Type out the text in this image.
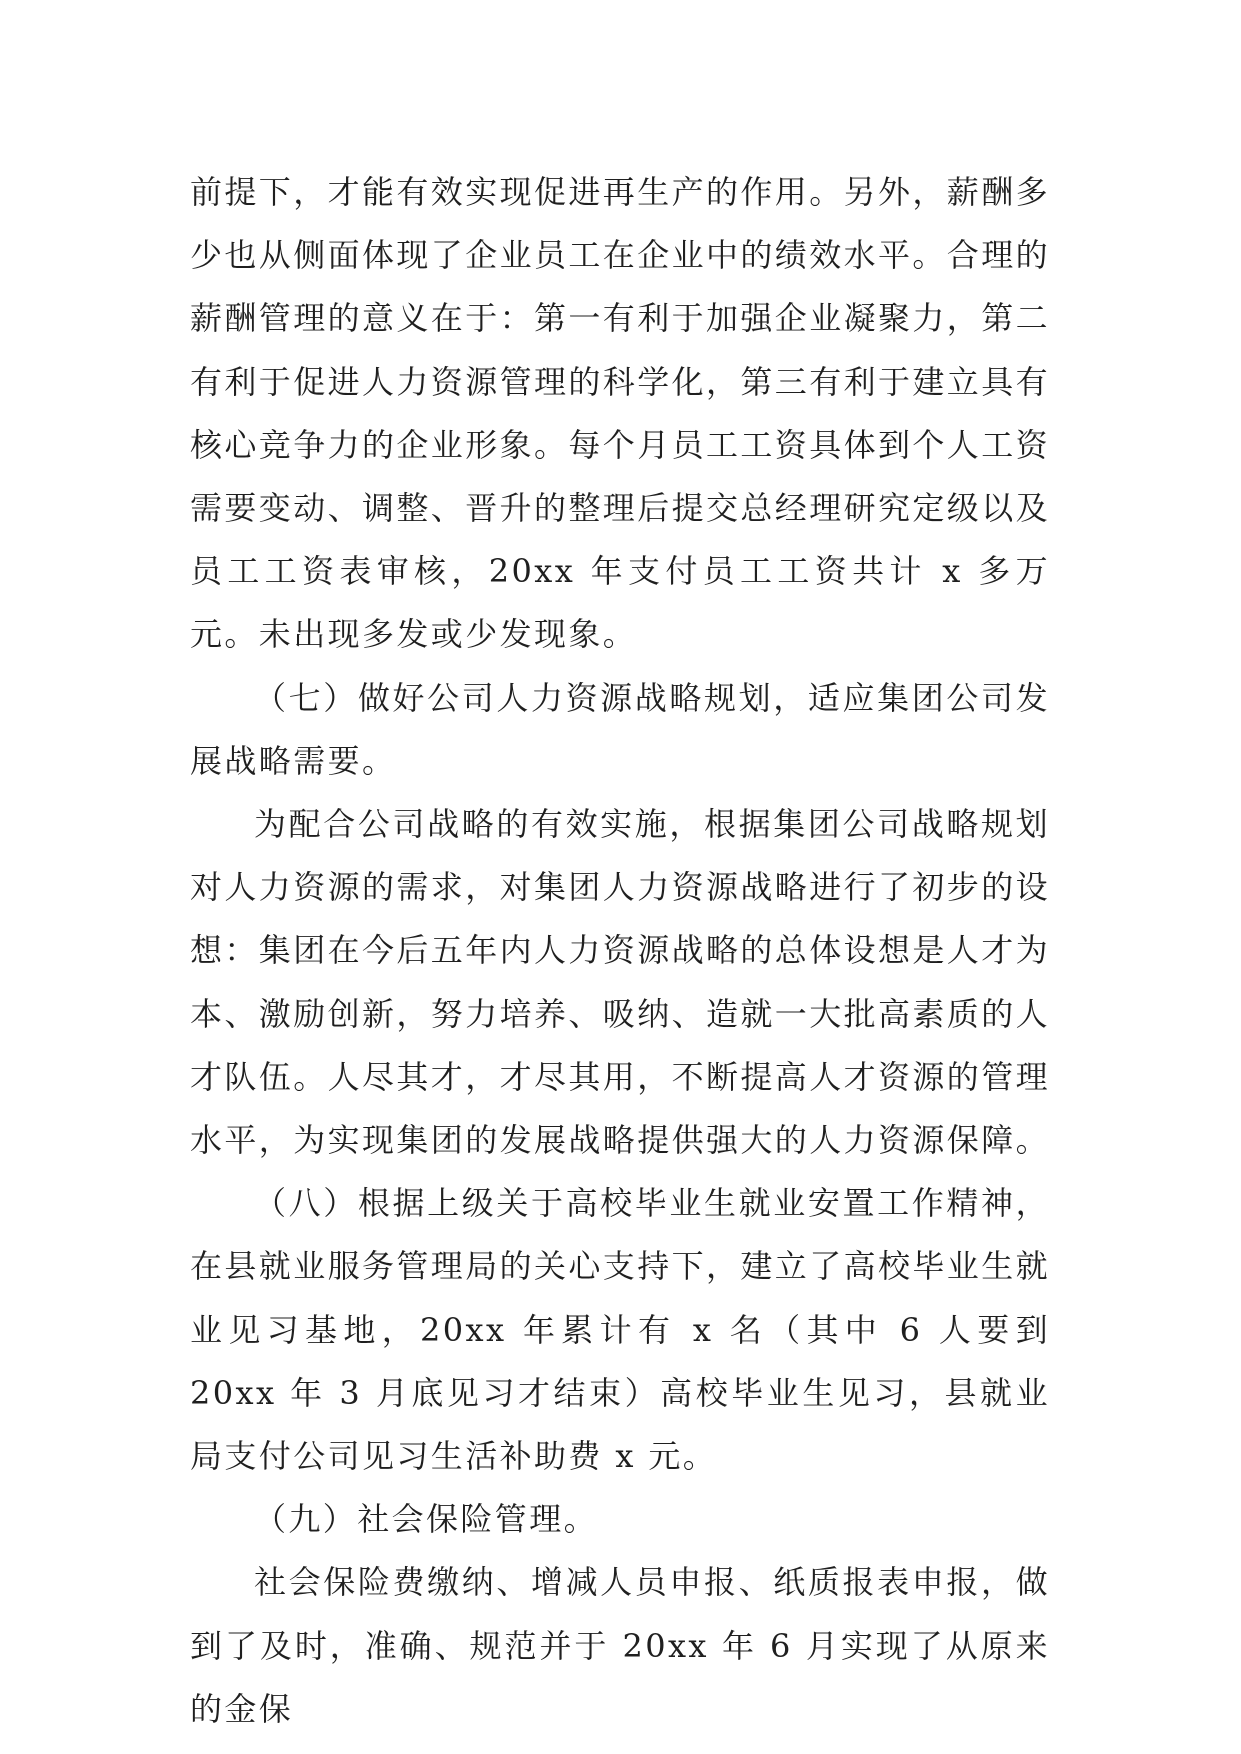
前提下，才能有效实现促进再生产的作用。另外，薪酬多少也从侧面体现了企业员工在企业中的绩效水平。合理的薪酬管理的意义在于：第一有利于加强企业凝聚力，第二有利于促进人力资源管理的科学化，第三有利于建立具有核心竞争力的企业形象。每个月员工工资具体到个人工资需要变动、调整、晋升的整理后提交总经理研究定级以及员工工资表审核，20xx 年支付员工工资共计 x 多万元。未出现多发或少发现象。

（七）做好公司人力资源战略规划，适应集团公司发展战略需要。

为配合公司战略的有效实施，根据集团公司战略规划对人力资源的需求，对集团人力资源战略进行了初步的设想：集团在今后五年内人力资源战略的总体设想是人才为本、激励创新，努力培养、吸纳、造就一大批高素质的人才队伍。人尽其才，才尽其用，不断提高人才资源的管理水平，为实现集团的发展战略提供强大的人力资源保障。

（八）根据上级关于高校毕业生就业安置工作精神，在县就业服务管理局的关心支持下，建立了高校毕业生就业见习基地，20xx 年累计有 x 名（其中 6 人要到 20xx 年 3 月底见习才结束）高校毕业生见习，县就业局支付公司见习生活补助费 x 元。

（九）社会保险管理。

社会保险费缴纳、增减人员申报、纸质报表申报，做到了及时，准确、规范并于 20xx 年 6 月实现了从原来的金保
